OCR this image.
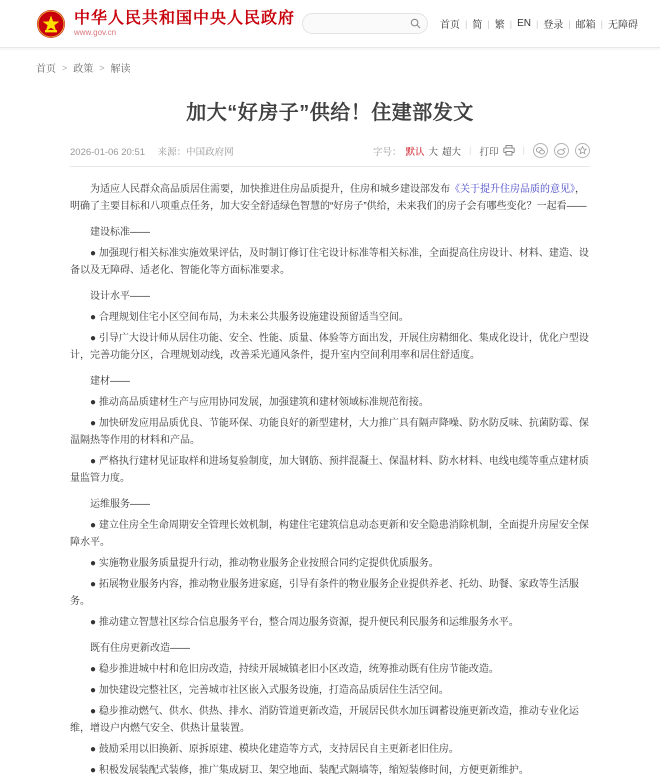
中华人民共和国中央人民政府
www.gov.cn
首页 | 简 | 繁 | EN | 登录 | 邮箱 | 无障碍
首页 > 政策 > 解读
加大“好房子”供给！住建部发文
2026-01-06 20:51 来源：中国政府网	字号： 默认 大 超大 | 打印	|

为适应人民群众高品质居住需要，加快推进住房品质提升，住房和城乡建设部发布《关于提升住房品质的意见》，明确了主要目标和八项重点任务，加大安全舒适绿色智慧的“好房子”供给，未来我们的房子会有哪些变化？一起看——

建设标准——

● 加强现行相关标准实施效果评估，及时制订修订住宅设计标准等相关标准，全面提高住房设计、材料、建造、设备以及无障碍、适老化、智能化等方面标准要求。

设计水平——

● 合理规划住宅小区空间布局，为未来公共服务设施建设预留适当空间。

● 引导广大设计师从居住功能、安全、性能、质量、体验等方面出发，开展住房精细化、集成化设计，优化户型设计，完善功能分区，合理规划动线，改善采光通风条件，提升室内空间利用率和居住舒适度。

建材——

● 推动高品质建材生产与应用协同发展，加强建筑和建材领域标准规范衔接。

● 加快研发应用品质优良、节能环保、功能良好的新型建材，大力推广具有隔声降噪、防水防反味、抗菌防霉、保温隔热等作用的材料和产品。

● 严格执行建材见证取样和进场复验制度，加大钢筋、预拌混凝土、保温材料、防水材料、电线电缆等重点建材质量监管力度。

运维服务——

● 建立住房全生命周期安全管理长效机制，构建住宅建筑信息动态更新和安全隐患消除机制，全面提升房屋安全保障水平。

● 实施物业服务质量提升行动，推动物业服务企业按照合同约定提供优质服务。

● 拓展物业服务内容，推动物业服务进家庭，引导有条件的物业服务企业提供养老、托幼、助餐、家政等生活服务。

● 推动建立智慧社区综合信息服务平台，整合周边服务资源，提升便民利民服务和运维服务水平。

既有住房更新改造——

● 稳步推进城中村和危旧房改造，持续开展城镇老旧小区改造，统筹推动既有住房节能改造。

● 加快建设完整社区，完善城市社区嵌入式服务设施，打造高品质居住生活空间。

● 稳步推动燃气、供水、供热、排水、消防管道更新改造，开展居民供水加压调蓄设施更新改造，推动专业化运维，增设户内燃气安全、供热计量装置。

● 鼓励采用以旧换新、原拆原建、模块化建造等方式，支持居民自主更新老旧住房。

● 积极发展装配式装修，推广集成厨卫、架空地面、装配式隔墙等，缩短装修时间，方便更新维护。
